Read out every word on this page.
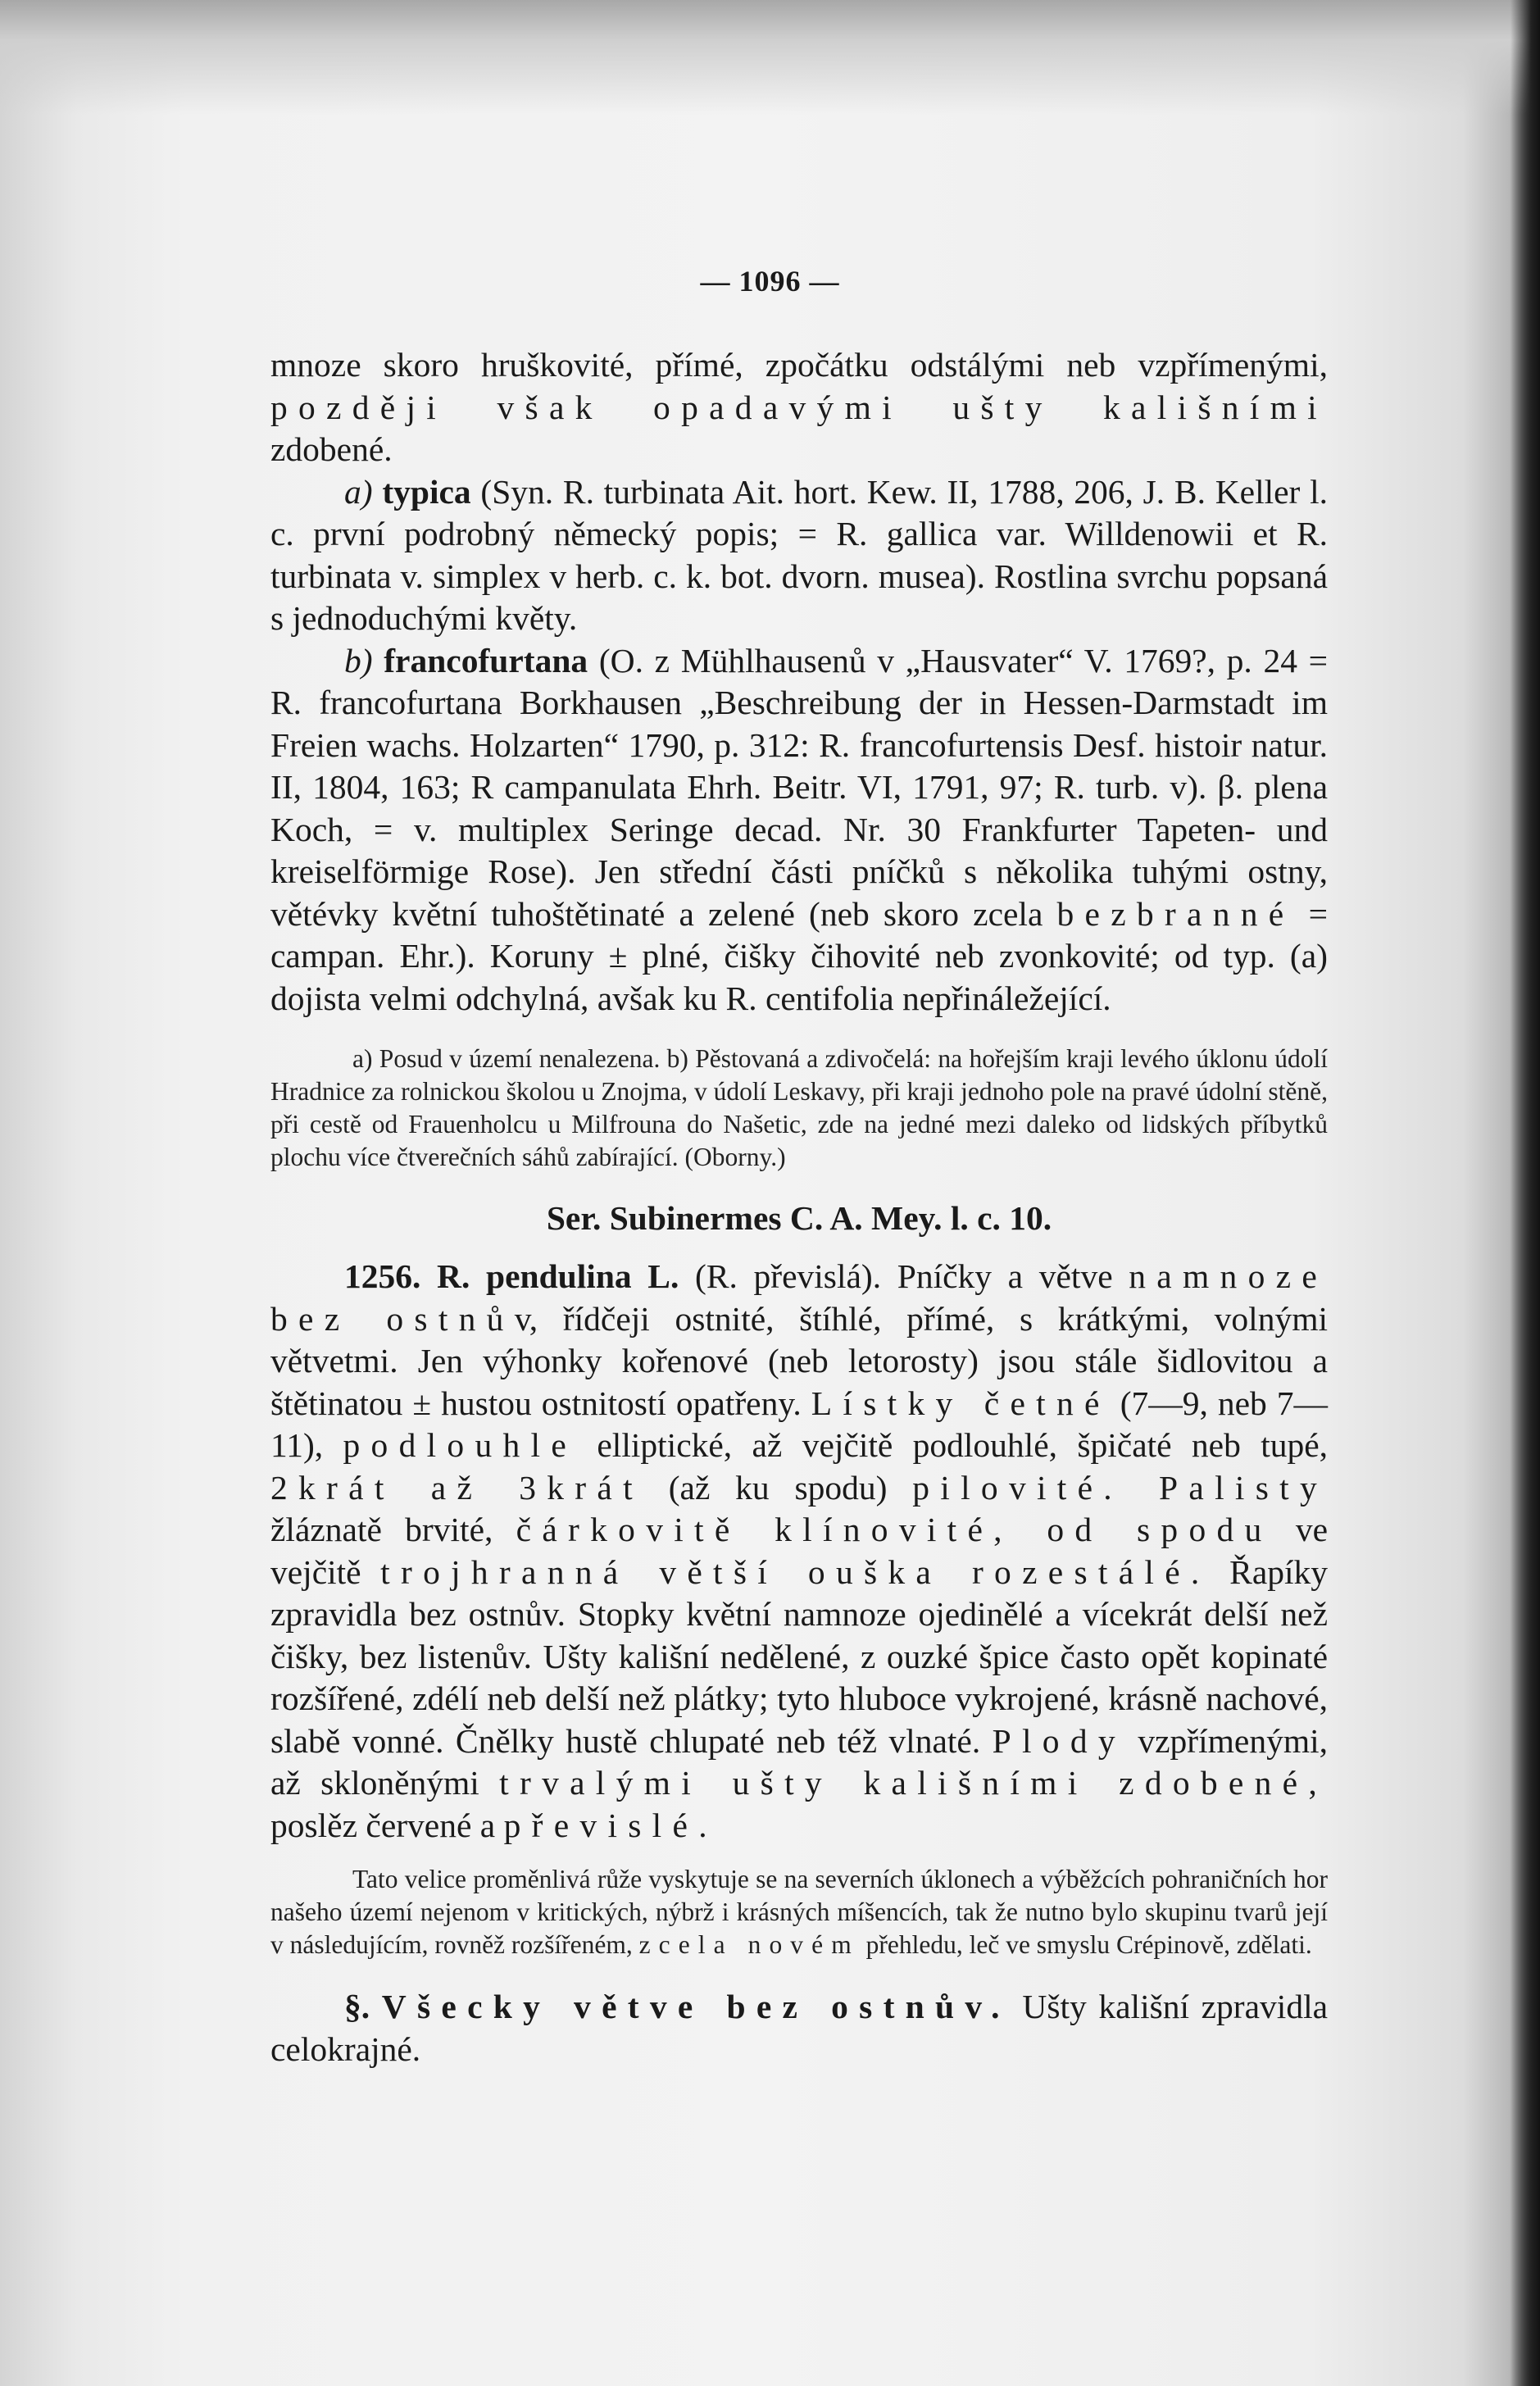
— 1096 —

mnoze skoro hruškovité, přímé, zpočátku odstálými neb vzpřímenými, později však opadavými ušty kališními zdobené.

a) typica (Syn. R. turbinata Ait. hort. Kew. II, 1788, 206, J. B. Keller l. c. první podrobný německý popis; = R. gallica var. Willdenowii et R. turbinata v. simplex v herb. c. k. bot. dvorn. musea). Rostlina svrchu popsaná s jednoduchými květy.

b) francofurtana (O. z Mühlhausenů v „Hausvater“ V. 1769?, p. 24 = R. francofurtana Borkhausen „Beschreibung der in Hessen-Darmstadt im Freien wachs. Holzarten“ 1790, p. 312: R. francofurtensis Desf. histoir natur. II, 1804, 163; R campanulata Ehrh. Beitr. VI, 1791, 97; R. turb. v). β. plena Koch, = v. multiplex Seringe decad. Nr. 30 Frankfurter Tapeten- und kreiselförmige Rose). Jen střední části pníčků s několika tuhými ostny, větévky květní tuhoštětinaté a zelené (neb skoro zcela bezbranné = campan. Ehr.). Koruny ± plné, čišky čihovité neb zvonkovité; od typ. (a) dojista velmi odchylná, avšak ku R. centifolia nepřináležející.

a) Posud v území nenalezena. b) Pěstovaná a zdivočelá: na hořejším kraji levého úklonu údolí Hradnice za rolnickou školou u Znojma, v údolí Leskavy, při kraji jednoho pole na pravé údolní stěně, při cestě od Frauenholcu u Milfrouna do Našetic, zde na jedné mezi daleko od lidských příbytků plochu více čtverečních sáhů zabírající. (Oborny.)

Ser. Subinermes C. A. Mey. l. c. 10.

1256. R. pendulina L. (R. převislá). Pníčky a větve namnoze bez ostnův, řídčeji ostnité, štíhlé, přímé, s krátkými, volnými větvetmi. Jen výhonky kořenové (neb letorosty) jsou stále šidlovitou a štětinatou ± hustou ostnitostí opatřeny. Lístky četné (7—9, neb 7—11), podlouhle elliptické, až vejčitě podlouhlé, špičaté neb tupé, 2krát až 3krát (až ku spodu) pilovité. Palisty žláznatě brvité, čárkovitě klínovité, od spodu ve vejčitě trojhranná větší ouška rozestálé. Řapíky zpravidla bez ostnův. Stopky květní namnoze ojedinělé a vícekrát delší než čišky, bez listenův. Ušty kališní nedělené, z ouzké špice často opět kopinaté rozšířené, zdélí neb delší než plátky; tyto hluboce vykrojené, krásně nachové, slabě vonné. Čnělky hustě chlupaté neb též vlnaté. Plody vzpřímenými, až skloněnými trvalými ušty kališními zdobené, poslěz červené a převislé.

Tato velice proměnlivá růže vyskytuje se na severních úklonech a výběžcích pohraničních hor našeho území nejenom v kritických, nýbrž i krásných míšencích, tak že nutno bylo skupinu tvarů její v následujícím, rovněž rozšířeném, zcela novém přehledu, leč ve smyslu Crépinově, zdělati.

§. Všecky větve bez ostnův. Ušty kališní zpravidla celokrajné.
